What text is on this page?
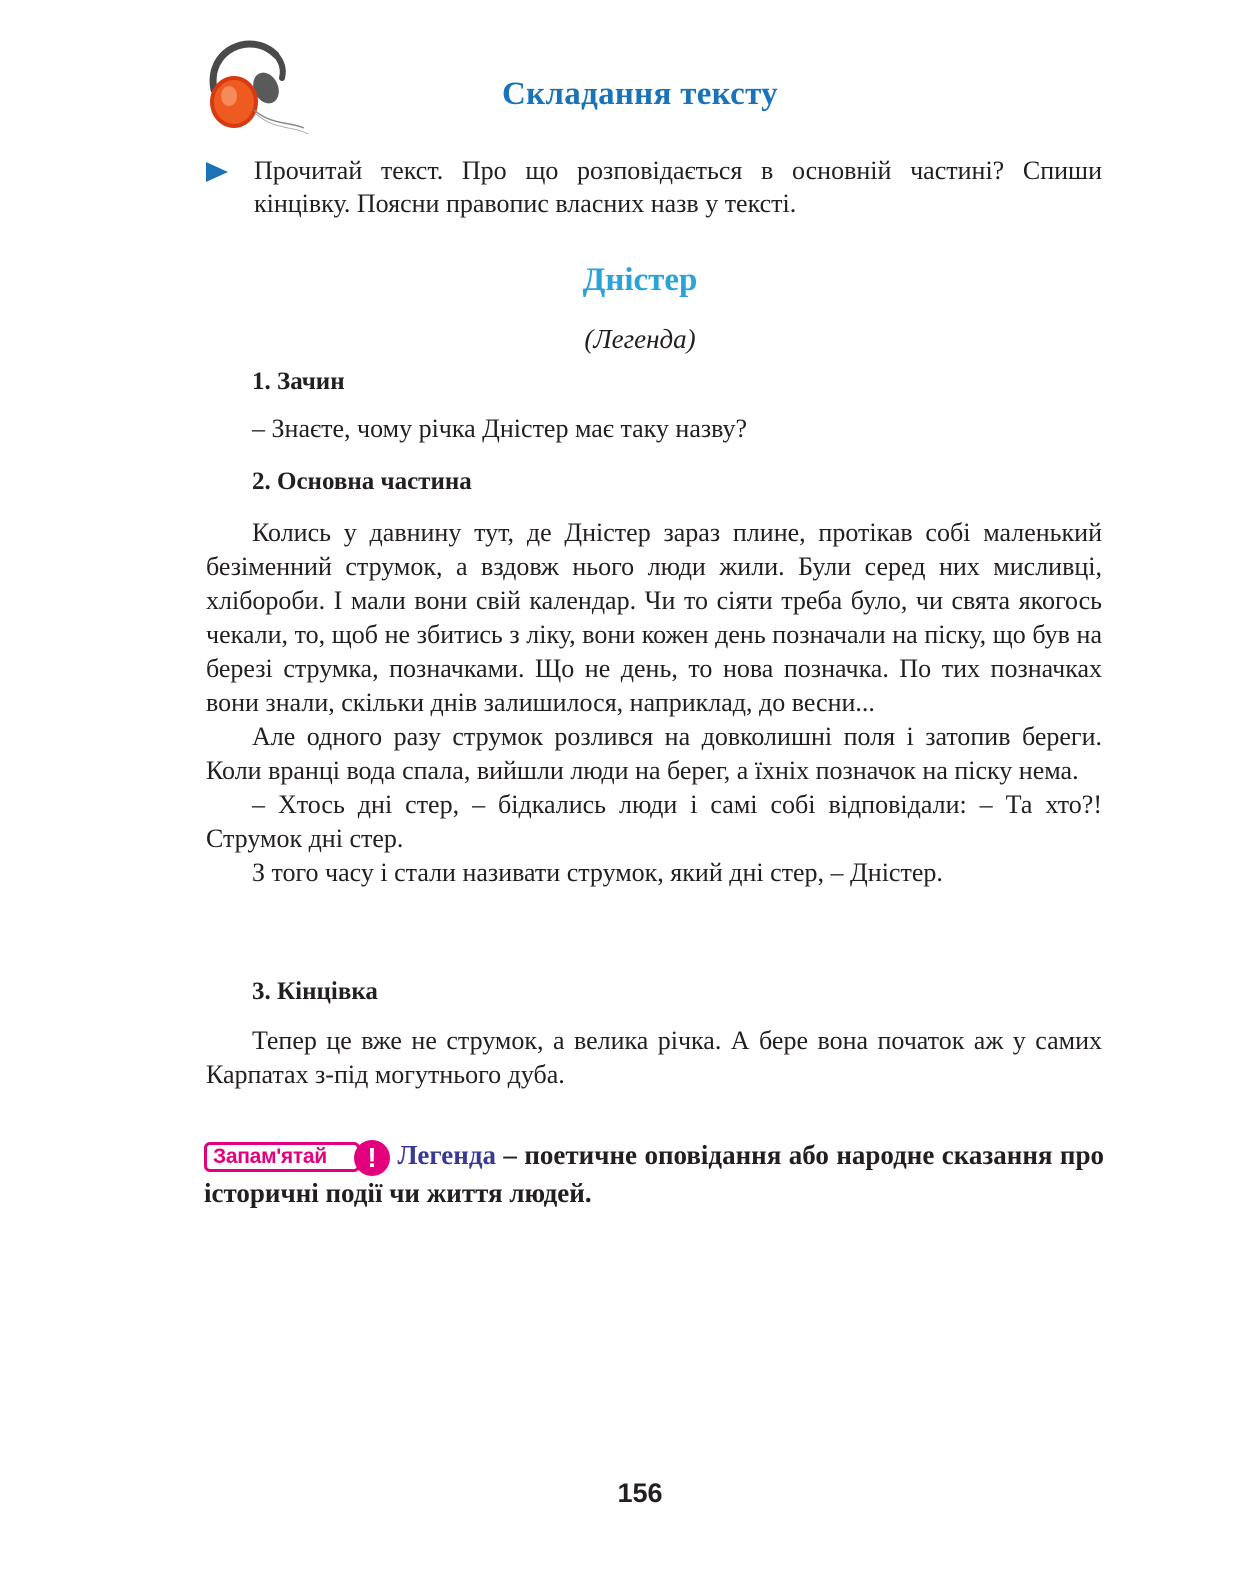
Складання тексту
Прочитай текст. Про що розповідається в основній частині? Спиши кінцівку. Поясни правопис власних назв у тексті.
Дністер
(Легенда)
1. Зачин
– Знаєте, чому річка Дністер має таку назву?
2. Основна частина

Колись у давнину тут, де Дністер зараз плине, протікав собі маленький безіменний струмок, а вздовж нього люди жили. Були серед них мисливці, хлібороби. І мали вони свій календар. Чи то сіяти треба було, чи свята якогось чекали, то, щоб не збитись з ліку, вони кожен день позначали на піску, що був на березі струмка, позначками. Що не день, то нова позначка. По тих позначках вони знали, скільки днів залишилося, наприклад, до весни...

Але одного разу струмок розлився на довколишні поля і затопив береги. Коли вранці вода спала, вийшли люди на берег, а їхніх позначок на піску нема.

– Хтось дні стер, – бідкались люди і самі собі відповідали: – Та хто?! Струмок дні стер.

З того часу і стали називати струмок, який дні стер, – Дністер.

3. Кінцівка

Тепер це вже не струмок, а велика річка. А бере вона початок аж у самих Карпатах з-під могутнього дуба.

Запам'ятай	! Легенда – поетичне оповідання або народне сказання про історичні події чи життя людей.
156
